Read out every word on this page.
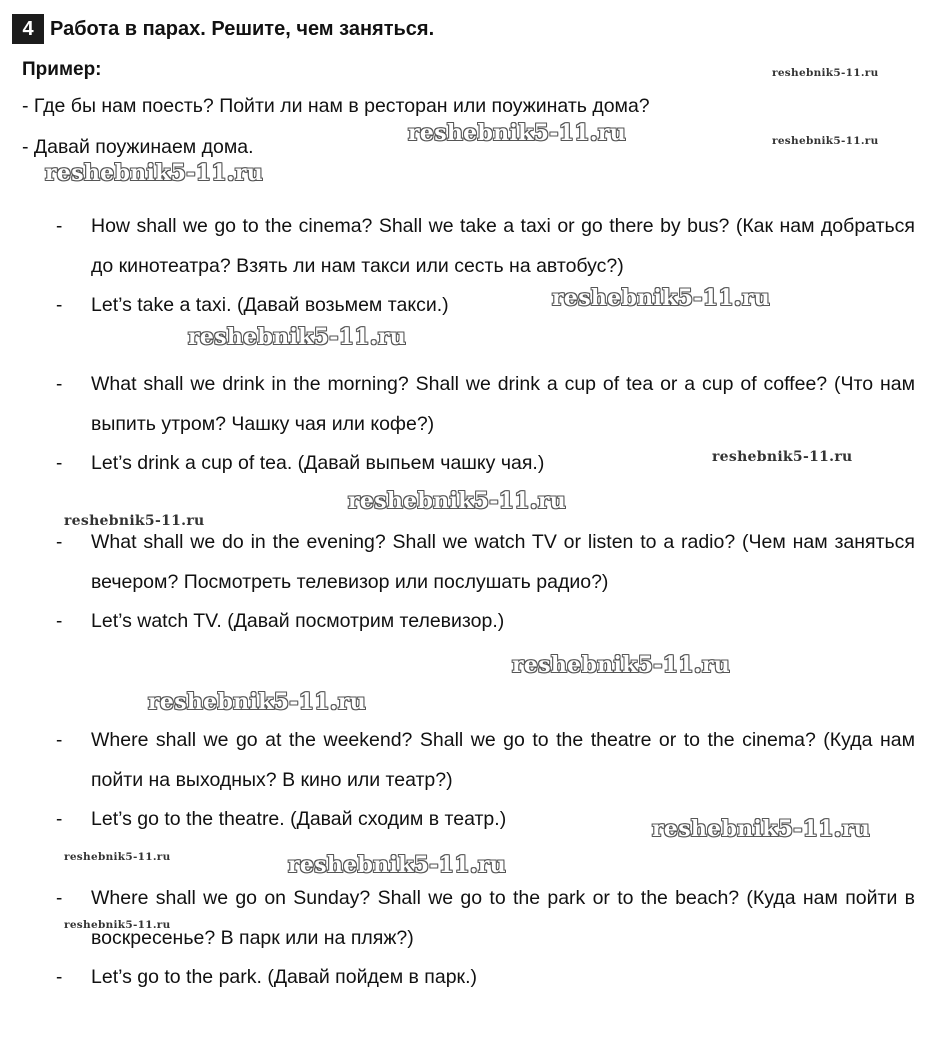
4 Работа в парах. Решите, чем заняться.
Пример:
- Где бы нам поесть? Пойти ли нам в ресторан или поужинать дома?
- Давай поужинаем дома.
- How shall we go to the cinema? Shall we take a taxi or go there by bus? (Как нам добраться до кинотеатра? Взять ли нам такси или сесть на автобус?)
- Let’s take a taxi. (Давай возьмем такси.)
- What shall we drink in the morning? Shall we drink a cup of tea or a cup of coffee? (Что нам выпить утром? Чашку чая или кофе?)
- Let’s drink a cup of tea. (Давай выпьем чашку чая.)
- What shall we do in the evening? Shall we watch TV or listen to a radio? (Чем нам заняться вечером? Посмотреть телевизор или послушать радио?)
- Let’s watch TV. (Давай посмотрим телевизор.)
- Where shall we go at the weekend? Shall we go to the theatre or to the cinema? (Куда нам пойти на выходных? В кино или театр?)
- Let’s go to the theatre. (Давай сходим в театр.)
- Where shall we go on Sunday? Shall we go to the park or to the beach? (Куда нам пойти в воскресенье? В парк или на пляж?)
- Let’s go to the park. (Давай пойдем в парк.)
reshebnik5-11.ru
reshebnik5-11.ru	reshebnik5-11.ru
reshebnik5-11.ru
reshebnik5-11.ru
reshebnik5-11.ru
reshebnik5-11.ru
reshebnik5-11.ru
reshebnik5-11.ru
reshebnik5-11.ru
reshebnik5-11.ru
reshebnik5-11.ru
reshebnik5-11.ru	reshebnik5-11.ru
reshebnik5-11.ru
